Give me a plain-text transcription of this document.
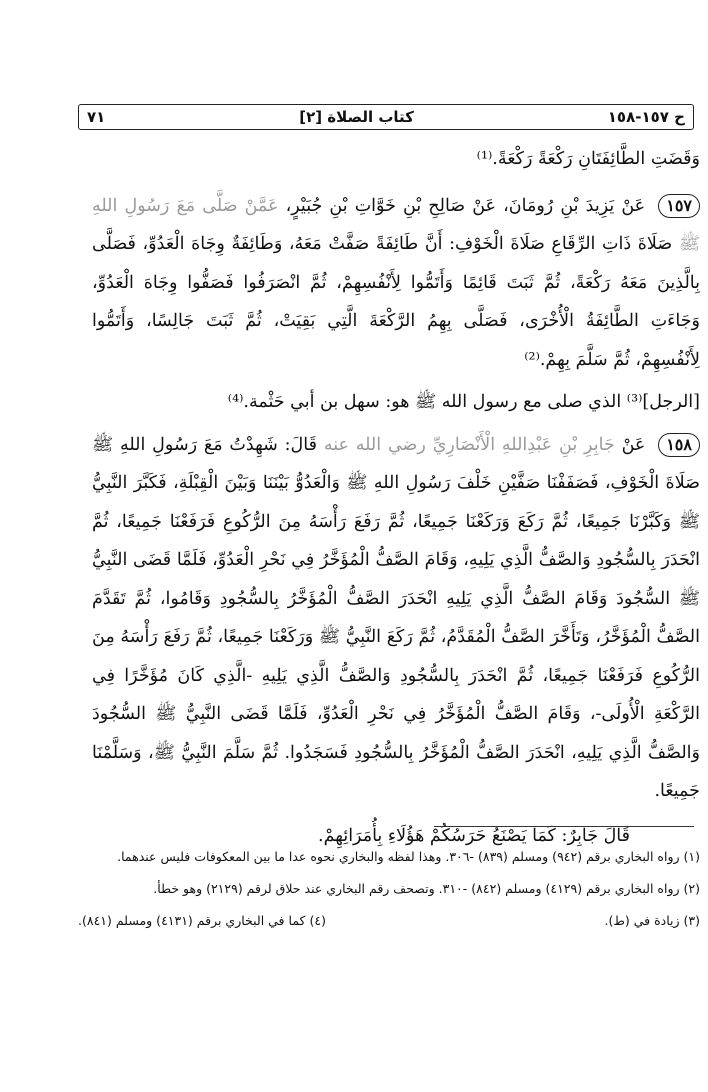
٧١	[٢] كتاب الصلاة	ح ١٥٧-١٥٨

وَقَضَتِ الطَّائِفَتَانِ رَكْعَةً رَكْعَةً.⁽¹⁾

١٥٧ عَنْ يَزِيدَ بْنِ رُومَانَ، عَنْ صَالِحِ بْنِ خَوَّاتِ بْنِ جُبَيْرٍ، عَمَّنْ صَلَّى مَعَ رَسُولِ اللهِ ﷺ صَلَاةَ ذَاتِ الرِّقَاعِ صَلَاةَ الْخَوْفِ: أَنَّ طَائِفَةً صَفَّتْ مَعَهُ، وَطَائِفَةٌ وِجَاهَ الْعَدُوِّ، فَصَلَّى بِالَّذِينَ مَعَهُ رَكْعَةً، ثُمَّ ثَبَتَ قَائِمًا وَأَتَمُّوا لِأَنْفُسِهِمْ، ثُمَّ انْصَرَفُوا فَصَفُّوا وِجَاهَ الْعَدُوِّ، وَجَاءَتِ الطَّائِفَةُ الْأُخْرَى، فَصَلَّى بِهِمُ الرَّكْعَةَ الَّتِي بَقِيَتْ، ثُمَّ ثَبَتَ جَالِسًا، وَأَتَمُّوا لِأَنْفُسِهِمْ، ثُمَّ سَلَّمَ بِهِمْ.⁽²⁾

[الرجل]⁽³⁾ الذي صلى مع رسول الله ﷺ هو: سهل بن أبي حَثْمة.⁽⁴⁾

١٥٨ عَنْ جَابِرِ بْنِ عَبْدِاللهِ الْأَنْصَارِيِّ رضي الله عنه قَالَ: شَهِدْتُ مَعَ رَسُولِ اللهِ ﷺ صَلَاةَ الْخَوْفِ، فَصَفَفْنَا صَفَّيْنِ خَلْفَ رَسُولِ اللهِ ﷺ وَالْعَدُوُّ بَيْنَنَا وَبَيْنَ الْقِبْلَةِ، فَكَبَّرَ النَّبِيُّ ﷺ وَكَبَّرْنَا جَمِيعًا، ثُمَّ رَكَعَ وَرَكَعْنَا جَمِيعًا، ثُمَّ رَفَعَ رَأْسَهُ مِنَ الرُّكُوعِ فَرَفَعْنَا جَمِيعًا، ثُمَّ انْحَدَرَ بِالسُّجُودِ وَالصَّفُّ الَّذِي يَلِيهِ، وَقَامَ الصَّفُّ الْمُؤَخَّرُ فِي نَحْرِ الْعَدُوِّ، فَلَمَّا قَضَى النَّبِيُّ ﷺ السُّجُودَ وَقَامَ الصَّفُّ الَّذِي يَلِيهِ انْحَدَرَ الصَّفُّ الْمُؤَخَّرُ بِالسُّجُودِ وَقَامُوا، ثُمَّ تَقَدَّمَ الصَّفُّ الْمُؤَخَّرُ، وَتَأَخَّرَ الصَّفُّ الْمُقَدَّمُ، ثُمَّ رَكَعَ النَّبِيُّ ﷺ وَرَكَعْنَا جَمِيعًا، ثُمَّ رَفَعَ رَأْسَهُ مِنَ الرُّكُوعِ فَرَفَعْنَا جَمِيعًا، ثُمَّ انْحَدَرَ بِالسُّجُودِ وَالصَّفُّ الَّذِي يَلِيهِ -الَّذِي كَانَ مُؤَخَّرًا فِي الرَّكْعَةِ الْأُولَى-، وَقَامَ الصَّفُّ الْمُؤَخَّرُ فِي نَحْرِ الْعَدُوِّ، فَلَمَّا قَضَى النَّبِيُّ ﷺ السُّجُودَ وَالصَّفُّ الَّذِي يَلِيهِ، انْحَدَرَ الصَّفُّ الْمُؤَخَّرُ بِالسُّجُودِ فَسَجَدُوا. ثُمَّ سَلَّمَ النَّبِيُّ ﷺ، وَسَلَّمْنَا جَمِيعًا.

قَالَ جَابِرٌ: كَمَا يَصْنَعُ حَرَسُكُمْ هَؤُلَاءِ بِأُمَرَائِهِمْ.

(١) رواه البخاري برقم (٩٤٢) ومسلم (٨٣٩) -٣٠٦. وهذا لفظه والبخاري نحوه عدا ما بين المعكوفات فليس عندهما.

(٢) رواه البخاري برقم (٤١٢٩) ومسلم (٨٤٢) -٣١٠. وتصحف رقم البخاري عند حلاق لرقم (٢١٢٩) وهو خطأ.

(٣) زيادة في (ط).

(٤) كما في البخاري برقم (٤١٣١) ومسلم (٨٤١).
